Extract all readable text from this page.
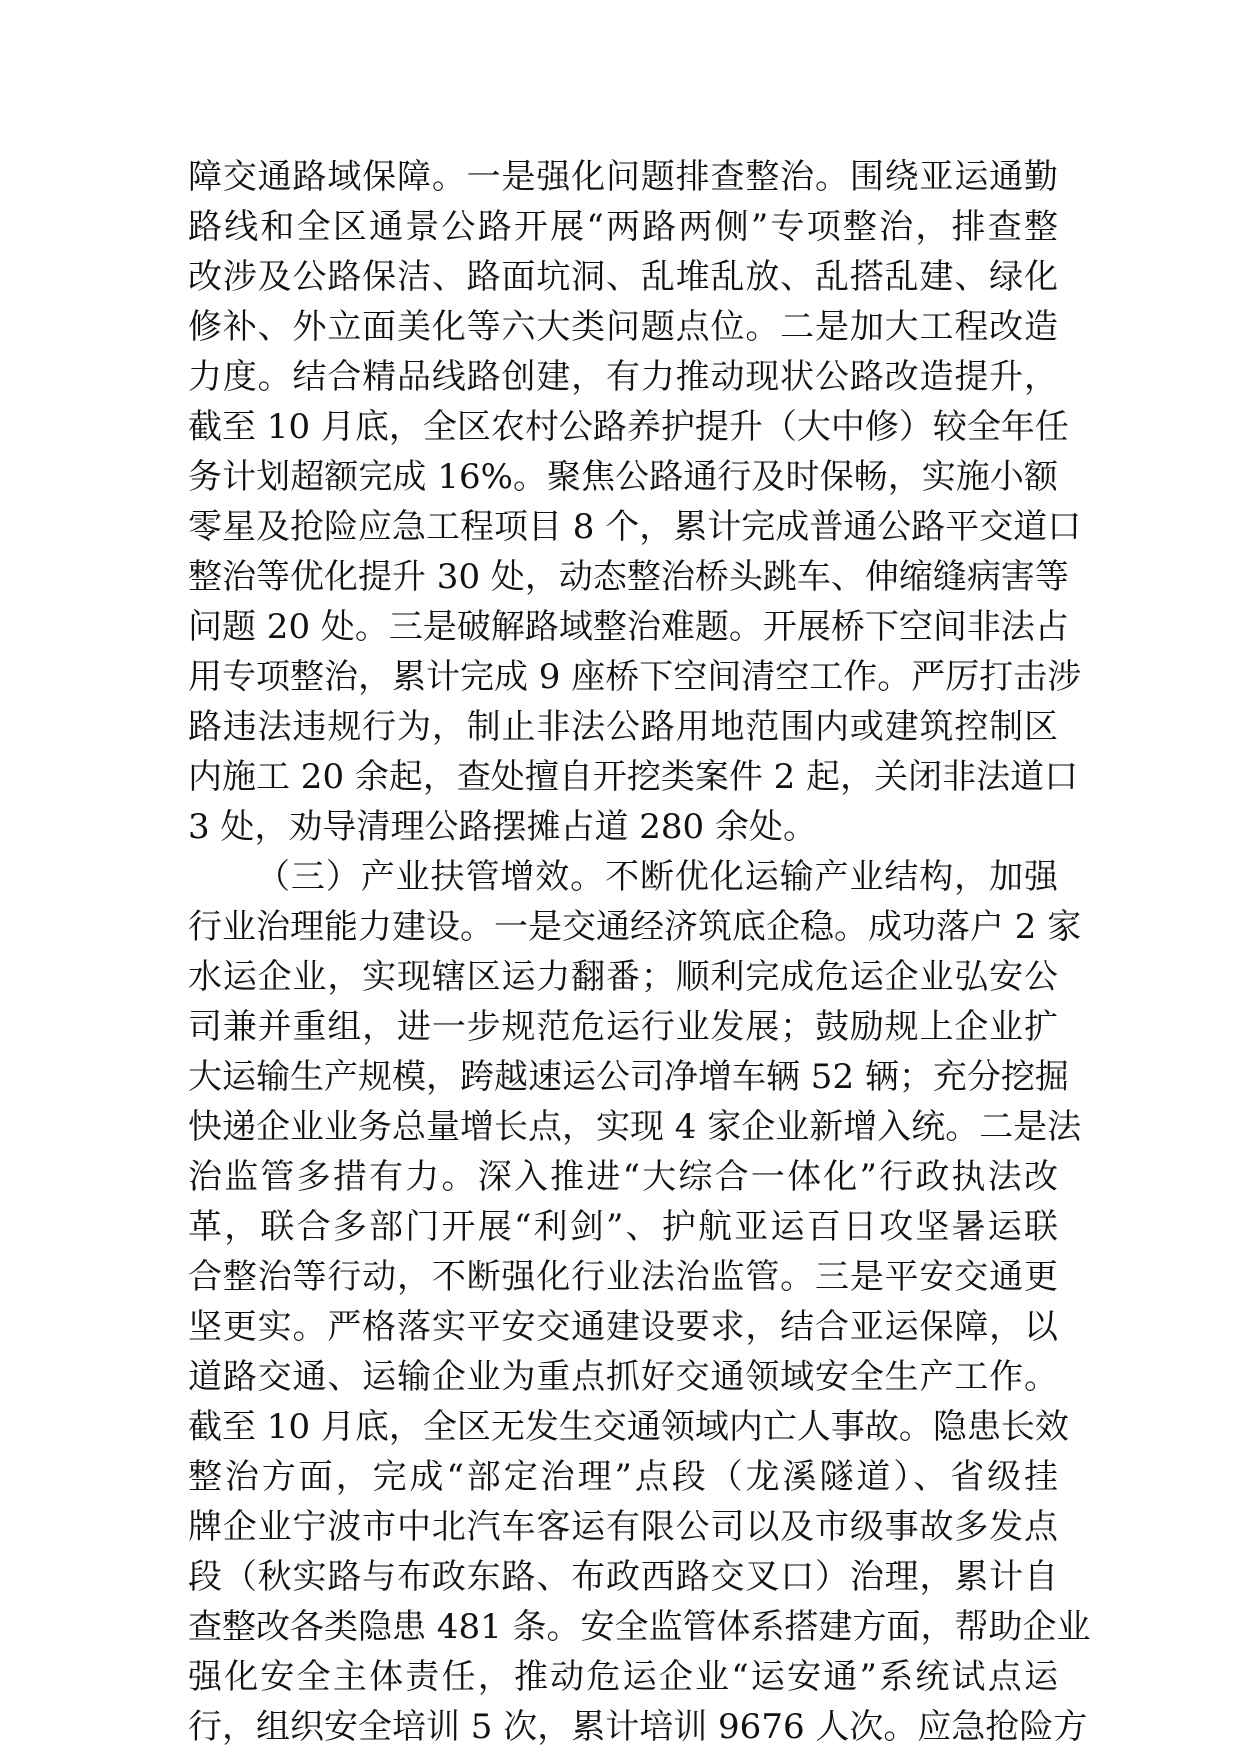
障交通路域保障。一是强化问题排查整治。围绕亚运通勤
路线和全区通景公路开展“两路两侧”专项整治，排查整
改涉及公路保洁、路面坑洞、乱堆乱放、乱搭乱建、绿化
修补、外立面美化等六大类问题点位。二是加大工程改造
力度。结合精品线路创建，有力推动现状公路改造提升，
截至 10 月底，全区农村公路养护提升（大中修）较全年任
务计划超额完成 16%。聚焦公路通行及时保畅，实施小额
零星及抢险应急工程项目 8 个，累计完成普通公路平交道口
整治等优化提升 30 处，动态整治桥头跳车、伸缩缝病害等
问题 20 处。三是破解路域整治难题。开展桥下空间非法占
用专项整治，累计完成 9 座桥下空间清空工作。严厉打击涉
路违法违规行为，制止非法公路用地范围内或建筑控制区
内施工 20 余起，查处擅自开挖类案件 2 起，关闭非法道口
3 处，劝导清理公路摆摊占道 280 余处。
（三）产业扶管增效。不断优化运输产业结构，加强
行业治理能力建设。一是交通经济筑底企稳。成功落户 2 家
水运企业，实现辖区运力翻番；顺利完成危运企业弘安公
司兼并重组，进一步规范危运行业发展；鼓励规上企业扩
大运输生产规模，跨越速运公司净增车辆 52 辆；充分挖掘
快递企业业务总量增长点，实现 4 家企业新增入统。二是法
治监管多措有力。深入推进“大综合一体化”行政执法改
革，联合多部门开展“利剑”、护航亚运百日攻坚暑运联
合整治等行动，不断强化行业法治监管。三是平安交通更
坚更实。严格落实平安交通建设要求，结合亚运保障，以
道路交通、运输企业为重点抓好交通领域安全生产工作。
截至 10 月底，全区无发生交通领域内亡人事故。隐患长效
整治方面，完成“部定治理”点段（龙溪隧道）、省级挂
牌企业宁波市中北汽车客运有限公司以及市级事故多发点
段（秋实路与布政东路、布政西路交叉口）治理，累计自
查整改各类隐患 481 条。安全监管体系搭建方面，帮助企业
强化安全主体责任，推动危运企业“运安通”系统试点运
行，组织安全培训 5 次，累计培训 9676 人次。应急抢险方
